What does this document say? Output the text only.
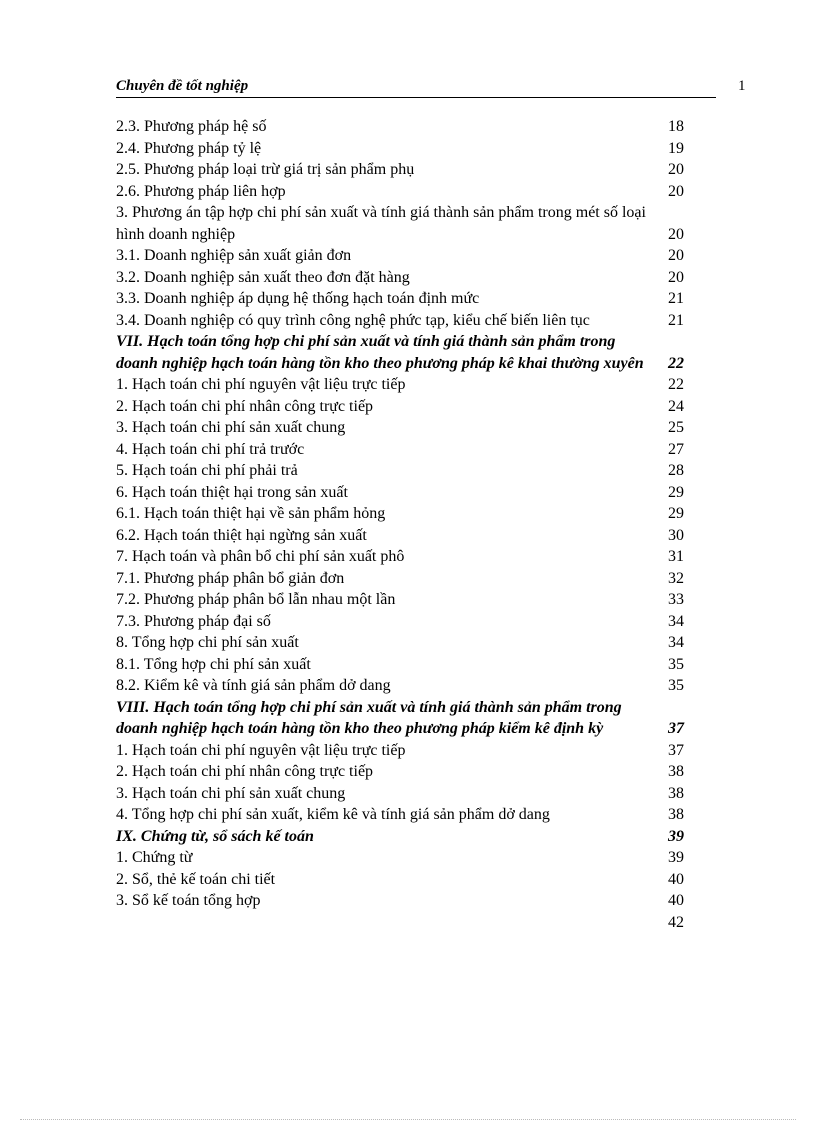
Chuyên đề tốt nghiệp	1
2.3. Phương pháp hệ số	18
2.4. Phương pháp tỷ lệ	19
2.5. Phương pháp loại trừ giá trị sản phẩm phụ	20
2.6. Phương pháp liên hợp	20
3. Phương án tập hợp chi phí sản xuất và tính giá thành sản phẩm trong mét số loại hình doanh nghiệp	20
3.1. Doanh nghiệp sản xuất giản đơn	20
3.2. Doanh nghiệp sản xuất theo đơn đặt hàng	20
3.3. Doanh nghiệp áp dụng hệ thống hạch toán định mức	21
3.4. Doanh nghiệp có quy trình công nghệ phức tạp, kiểu chế biến liên tục	21
VII. Hạch toán tổng hợp chi phí sản xuất và tính giá thành sản phẩm trong doanh nghiệp hạch toán hàng tồn kho theo phương pháp kê khai thường xuyên	22
1. Hạch toán chi phí nguyên vật liệu trực tiếp	22
2. Hạch toán chi phí nhân công trực tiếp	24
3. Hạch toán chi phí sản xuất chung	25
4. Hạch toán chi phí trả trước	27
5. Hạch toán chi phí phải trả	28
6. Hạch toán thiệt hại trong sản xuất	29
6.1. Hạch toán thiệt hại về sản phẩm hỏng	29
6.2. Hạch toán thiệt hại ngừng sản xuất	30
7. Hạch toán và phân bổ chi phí sản xuất phô	31
7.1. Phương pháp phân bổ giản đơn	32
7.2. Phương pháp phân bổ lẫn nhau một lần	33
7.3. Phương pháp đại số	34
8. Tổng hợp chi phí sản xuất	34
8.1. Tổng hợp chi phí sản xuất	35
8.2. Kiểm kê và tính giá sản phẩm dở dang	35
VIII. Hạch toán tổng hợp chi phí sản xuất và tính giá thành sản phẩm trong doanh nghiệp hạch toán hàng tồn kho theo phương pháp kiểm kê định kỳ	37
1. Hạch toán chi phí nguyên vật liệu trực tiếp	37
2. Hạch toán chi phí nhân công trực tiếp	38
3. Hạch toán chi phí sản xuất chung	38
4. Tổng hợp chi phí sản xuất, kiểm kê và tính giá sản phẩm dở dang	38
IX. Chứng từ, sổ sách kế toán	39
1. Chứng từ	39
2. Sổ, thẻ kế toán chi tiết	40
3. Sổ kế toán tổng hợp	40
42
